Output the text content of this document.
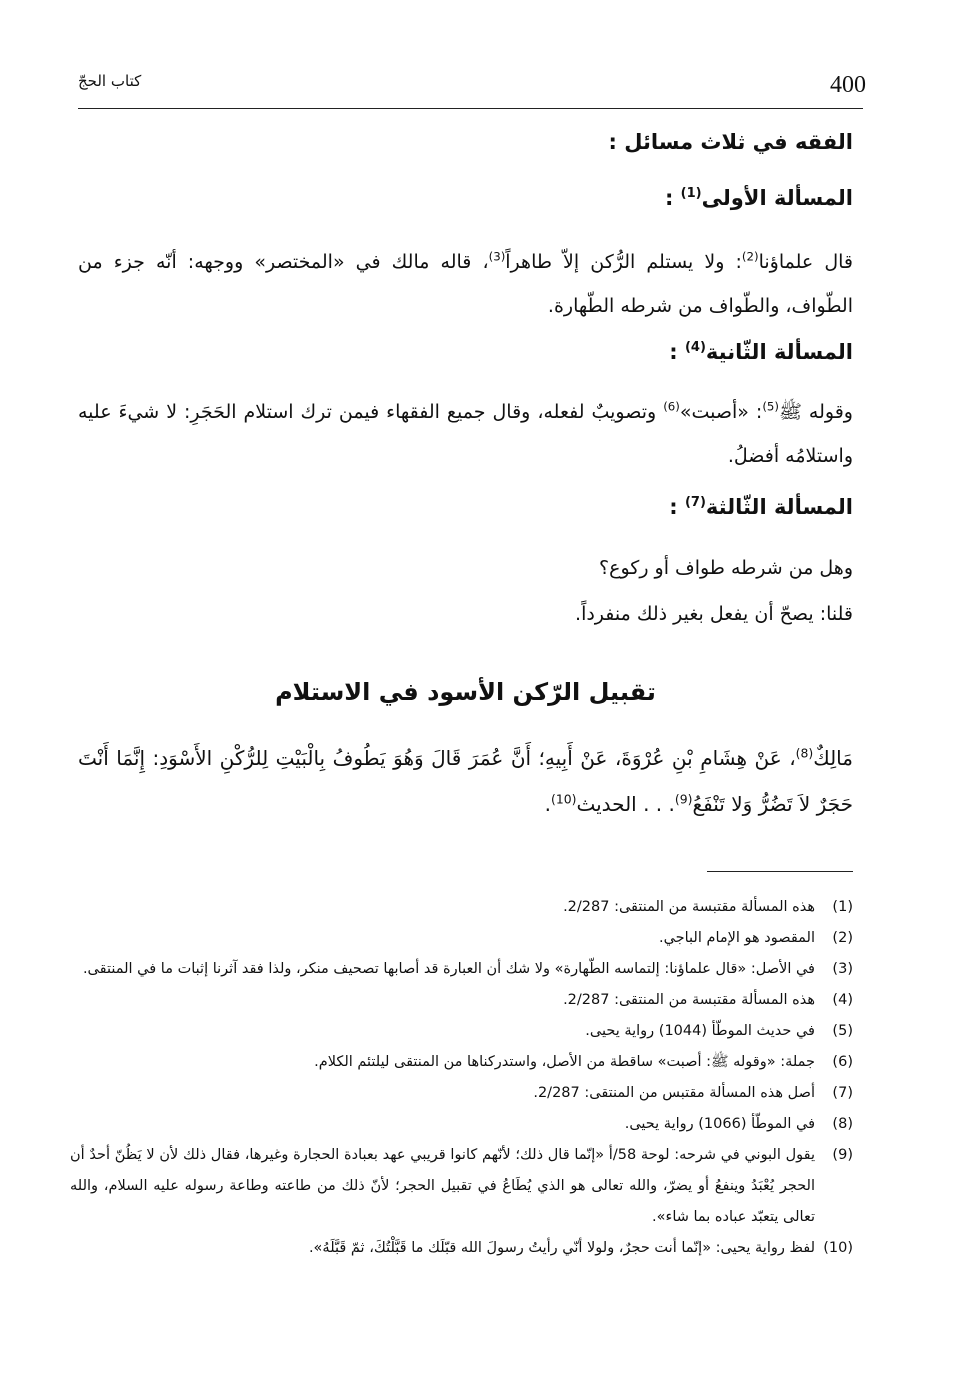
400
كتاب الحجّ
الفقه في ثلاث مسائل :
المسألة الأولى$^{(1)}$ :
قال علماؤنا$^{(2)}$: ولا يستلم الرُّكن إلاّ طاهراً$^{(3)}$، قاله مالك في «المختصر» ووجهه: أنّه جزء من الطّواف، والطّواف من شرطه الطّهارة.
المسألة الثّانية$^{(4)}$ :
وقوله ﷺ$^{(5)}$: «أصبت»$^{(6)}$ وتصويبٌ لفعله، وقال جميع الفقهاء فيمن ترك استلام الحَجَرِ: لا شيءَ عليه واستلامُه أفضلُ.
المسألة الثّالثة$^{(7)}$ :
وهل من شرطه طواف أو ركوع؟
قلنا: يصحّ أن يفعل بغير ذلك منفرداً.
تقبيل الرّكن الأسود في الاستلام
مَالِكٌ$^{(8)}$، عَنْ هِشَامِ بْنِ عُرْوَةَ، عَنْ أَبِيهِ؛ أَنَّ عُمَرَ قَالَ وَهُوَ يَطُوفُ بِالْبَيْتِ لِلرُّكْنِ الأَسْوَدِ: إِنَّمَا أَنْتَ حَجَرٌ لاَ تَضُرُّ وَلا تَنْفَعُ$^{(9)}$. . . الحديث$^{(10)}$.
(1)
هذه المسألة مقتبسة من المنتقى: 2/287.
(2)
المقصود هو الإمام الباجي.
(3)
في الأصل: «قال علماؤنا: إلتماسه الطّهارة» ولا شك أن العبارة قد أصابها تصحيف منكر، ولذا فقد آثرنا إثبات ما في المنتقى.
(4)
هذه المسألة مقتبسة من المنتقى: 2/287.
(5)
في حديث الموطّأ (1044) رواية يحيى.
(6)
جملة: «وقوله ﷺ: أصبت» ساقطة من الأصل، واستدركناها من المنتقى ليلتئم الكلام.
(7)
أصل هذه المسألة مقتبس من المنتقى: 2/287.
(8)
في الموطّأ (1066) رواية يحيى.
(9)
يقول البوني في شرحه: لوحة 58/أ «إنّما قال ذلك؛ لأنّهم كانوا قريبي عهد بعبادة الحجارة وغيرها، فقال ذلك لأن لا يَظُنّ أحدٌ أن الحجر يُعْبَدُ وينفعُ أو يضرّ، والله تعالى هو الذي يُطَاعُ في تقبيل الحجر؛ لأنّ ذلك من طاعته وطاعة رسوله عليه السلام، والله تعالى يتعبّد عباده بما شاء».
(10)
لفظ رواية يحيى: «إنّما أنت حجرٌ، ولولا أنّي رأيتُ رسولَ الله قبّلَك ما قَبَّلْتُكَ، ثمّ قَبَّلَهُ».
